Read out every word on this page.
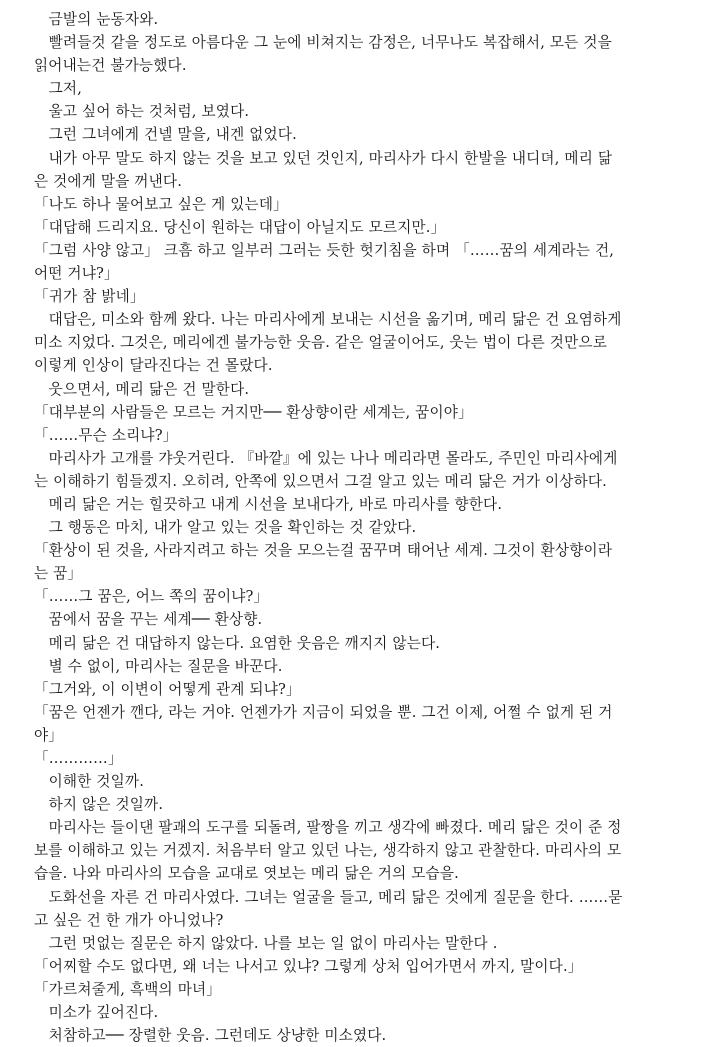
금발의 눈동자와.
빨려들것 같을 정도로 아름다운 그 눈에 비쳐지는 감정은, 너무나도 복잡해서, 모든 것을
읽어내는건 불가능했다.
그저,
울고 싶어 하는 것처럼, 보였다.
그런 그녀에게 건넬 말을, 내겐 없었다.
내가 아무 말도 하지 않는 것을 보고 있던 것인지, 마리사가 다시 한발을 내디뎌, 메리 닮
은 것에게 말을 꺼낸다.
「나도 하나 물어보고 싶은 게 있는데」
「대답해 드리지요. 당신이 원하는 대답이 아닐지도 모르지만.」
「그럼 사양 않고」 크흠 하고 일부러 그러는 듯한 헛기침을 하며 「……꿈의 세계라는 건,
어떤 거냐?」
「귀가 참 밝네」
대답은, 미소와 함께 왔다. 나는 마리사에게 보내는 시선을 옮기며, 메리 닮은 건 요염하게
미소 지었다. 그것은, 메리에겐 불가능한 웃음. 같은 얼굴이어도, 웃는 법이 다른 것만으로
이렇게 인상이 달라진다는 건 몰랐다.
웃으면서, 메리 닮은 건 말한다.
「대부분의 사람들은 모르는 거지만── 환상향이란 세계는, 꿈이야」
「……무슨 소리냐?」
마리사가 고개를 갸웃거린다. 『바깥』에 있는 나나 메리라면 몰라도, 주민인 마리사에게
는 이해하기 힘들겠지. 오히려, 안쪽에 있으면서 그걸 알고 있는 메리 닮은 거가 이상하다.
메리 닮은 거는 힐끗하고 내게 시선을 보내다가, 바로 마리사를 향한다.
그 행동은 마치, 내가 알고 있는 것을 확인하는 것 같았다.
「환상이 된 것을, 사라지려고 하는 것을 모으는걸 꿈꾸며 태어난 세계. 그것이 환상향이라
는 꿈」
「……그 꿈은, 어느 쪽의 꿈이냐?」
꿈에서 꿈을 꾸는 세계── 환상향.
메리 닮은 건 대답하지 않는다. 요염한 웃음은 깨지지 않는다.
별 수 없이, 마리사는 질문을 바꾼다.
「그거와, 이 이변이 어떻게 관계 되냐?」
「꿈은 언젠가 깬다, 라는 거야. 언젠가가 지금이 되었을 뿐. 그건 이제, 어쩔 수 없게 된 거
야」
「…………」
이해한 것일까.
하지 않은 것일까.
마리사는 들이댄 팔괘의 도구를 되돌려, 팔짱을 끼고 생각에 빠졌다. 메리 닮은 것이 준 정
보를 이해하고 있는 거겠지. 처음부터 알고 있던 나는, 생각하지 않고 관찰한다. 마리사의 모
습을. 나와 마리사의 모습을 교대로 엿보는 메리 닮은 거의 모습을.
도화선을 자른 건 마리사였다. 그녀는 얼굴을 들고, 메리 닮은 것에게 질문을 한다. ……묻
고 싶은 건 한 개가 아니었나?
그런 멋없는 질문은 하지 않았다. 나를 보는 일 없이 마리사는 말한다 .
「어찌할 수도 없다면, 왜 너는 나서고 있냐? 그렇게 상처 입어가면서 까지, 말이다.」
「가르쳐줄게, 흑백의 마녀」
미소가 깊어진다.
처참하고── 장렬한 웃음. 그런데도 상냥한 미소였다.
